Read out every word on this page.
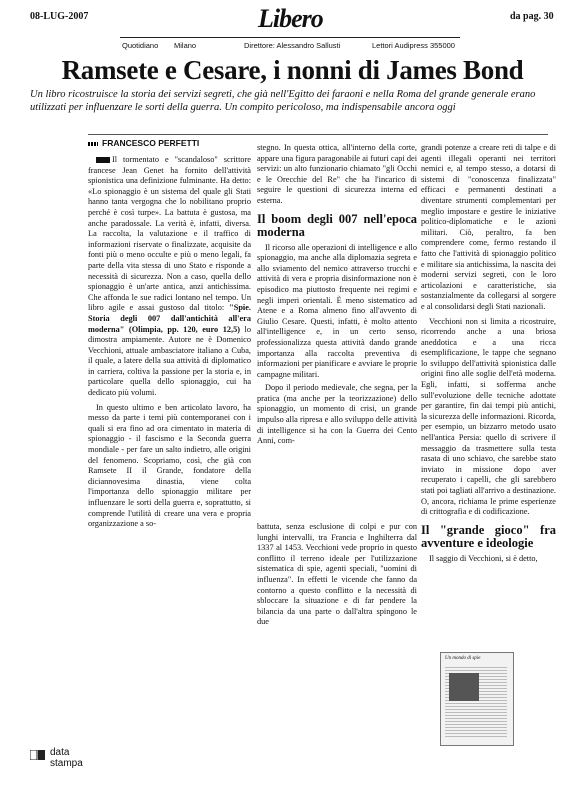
08-LUG-2007	Libero	da pag. 30
Quotidiano Milano	Direttore: Alessandro Sallusti	Lettori Audipress 355000
Ramsete e Cesare, i nonni di James Bond
Un libro ricostruisce la storia dei servizi segreti, che già nell'Egitto dei faraoni e nella Roma del grande generale erano utilizzati per influenzare le sorti della guerra. Un compito pericoloso, ma indispensabile ancora oggi
FRANCESCO PERFETTI

Il tormentato e "scandaloso" scrittore francese Jean Genet ha fornito dell'attività spionistica una definizione fulminante. Ha detto: «Lo spionaggio è un sistema del quale gli Stati hanno tanta vergogna che lo nobilitano proprio perché è così turpe». La battuta è gustosa, ma anche paradossale. La verità è, infatti, diversa. La raccolta, la valutazione e il traffico di informazioni riservate o finalizzate, acquisite da fonti più o meno occulte e più o meno legali, fa parte della vita stessa di uno Stato e risponde a necessità di sicurezza. Non a caso, quella dello spionaggio è un'arte antica, anzi antichissima. Che affonda le sue radici lontano nel tempo. Un libro agile e assai gustoso dal titolo: "Spie. Storia degli 007 dall'antichità all'era moderna" (Olimpia, pp. 120, euro 12,5) lo dimostra ampiamente. Autore ne è Domenico Vecchioni, attuale ambasciatore italiano a Cuba, il quale, a latere della sua attività di diplomatico in carriera, coltiva la passione per la storia e, in particolare quella dello spionaggio, cui ha dedicato più volumi.

In questo ultimo e ben articolato lavoro, ha messo da parte i temi più contemporanei con i quali si era fino ad ora cimentato in materia di spionaggio - il fascismo e la Seconda guerra mondiale - per fare un salto indietro, alle origini del fenomeno. Scopriamo, così, che già con Ramsete II il Grande, fondatore della diciannovesima dinastia, viene colta l'importanza dello spionaggio militare per influenzare le sorti della guerra e, soprattutto, si comprende l'utilità di creare una vera e propria organizzazione a so-

stegno. In questa ottica, all'interno della corte, appare una figura paragonabile ai futuri capi dei servizi: un alto funzionario chiamato "gli Occhi e le Orecchie del Re" che ha l'incarico di seguire le questioni di sicurezza interna ed esterna.

Il boom degli 007 nell'epoca moderna

Il ricorso alle operazioni di intelligence e allo spionaggio, ma anche alla diplomazia segreta e allo sviamento del nemico attraverso trucchi e attività di vera e propria disinformazione non è episodico ma piuttosto frequente nei regimi e negli imperi orientali. È meno sistematico ad Atene e a Roma almeno fino all'avvento di Giulio Cesare. Questi, infatti, è molto attento all'intelligence e, in un certo senso, professionalizza questa attività dando grande importanza alla raccolta preventiva di informazioni per pianificare e avviare le proprie campagne militari.

Dopo il periodo medievale, che segna, per la pratica (ma anche per la teorizzazione) dello spionaggio, un momento di crisi, un grande impulso alla ripresa e allo sviluppo delle attività di intelligence si ha con la Guerra dei Cento Anni, com-

battuta, senza esclusione di colpi e pur con lunghi intervalli, tra Francia e Inghilterra dal 1337 al 1453. Vecchioni vede proprio in questo conflitto il terreno ideale per l'utilizzazione sistematica di spie, agenti speciali, "uomini di influenza". In effetti le vicende che fanno da contorno a questo conflitto e la necessità di sbloccare la situazione e di far pendere la bilancia da una parte o dall'altra spingono le due

grandi potenze a creare reti di talpe e di agenti illegali operanti nei territori nemici e, al tempo stesso, a dotarsi di sistemi di "conoscenza finalizzata" efficaci e permanenti destinati a diventare strumenti complementari per meglio impostare e gestire le iniziative politico-diplomatiche e le azioni militari. Ciò, peraltro, fa ben comprendere come, fermo restando il fatto che l'attività di spionaggio politico e militare sia antichissima, la nascita dei moderni servizi segreti, con le loro articolazioni e caratteristiche, sia sostanzialmente da collegarsi al sorgere e al consolidarsi degli Stati nazionali.

Vecchioni non si limita a ricostruire, ricorrendo anche a una briosa aneddotica e a una ricca esemplificazione, le tappe che segnano lo sviluppo dell'attività spionistica dalle origini fino alle soglie dell'età moderna. Egli, infatti, si sofferma anche sull'evoluzione delle tecniche adottate per garantire, fin dai tempi più antichi, la sicurezza delle informazioni. Ricorda, per esempio, un bizzarro metodo usato nell'antica Persia: quello di scrivere il messaggio da trasmettere sulla testa rasata di uno schiavo, che sarebbe stato inviato in missione dopo aver recuperato i capelli, che gli sarebbero stati poi tagliati all'arrivo a destinazione. O, ancora, richiama le prime esperienze di crittografia e di codificazione.

Il "grande gioco" fra avventure e ideologie

Il saggio di Vecchioni, si è detto,

Un mondo di spie
data
stampa
